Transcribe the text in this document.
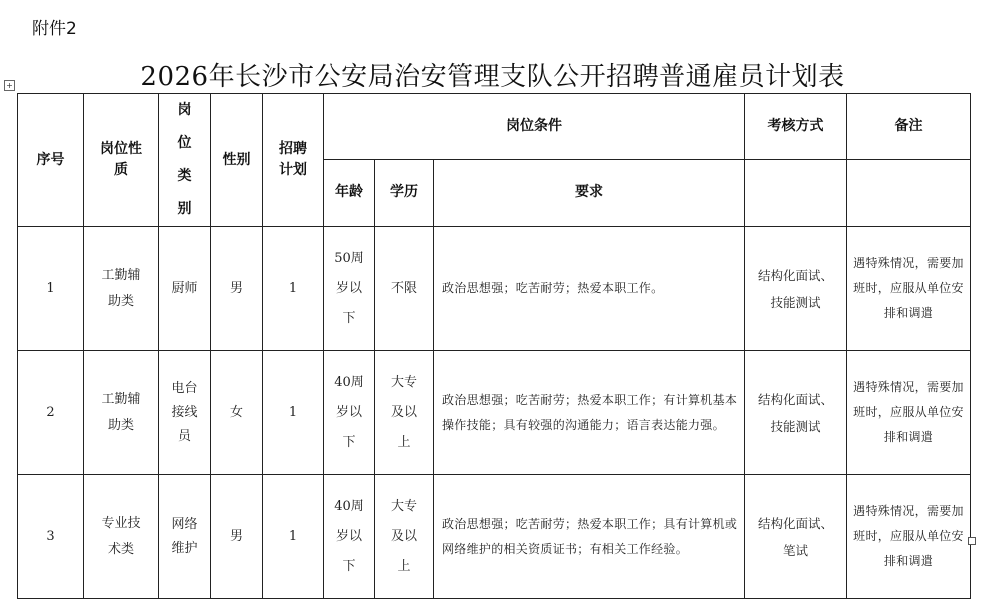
附件2
+	2026年长沙市公安局治安管理支队公开招聘普通雇员计划表
序号	岗位性质	岗位类别	性别	招聘计划	岗位条件			考核方式	备注
					年龄	学历	要求		
1	工勤辅助类	厨师	男	1	50周岁以下	不限	政治思想强；吃苦耐劳；热爱本职工作。	结构化面试、技能测试	遇特殊情况，需要加班时，应服从单位安排和调遣
2	工勤辅助类	电台接线员	女	1	40周岁以下	大专及以上	政治思想强；吃苦耐劳；热爱本职工作；有计算机基本操作技能；具有较强的沟通能力；语言表达能力强。	结构化面试、技能测试	遇特殊情况，需要加班时，应服从单位安排和调遣
3	专业技术类	网络维护	男	1	40周岁以下	大专及以上	政治思想强；吃苦耐劳；热爱本职工作；具有计算机或网络维护的相关资质证书；有相关工作经验。	结构化面试、笔试	遇特殊情况，需要加班时，应服从单位安排和调遣
